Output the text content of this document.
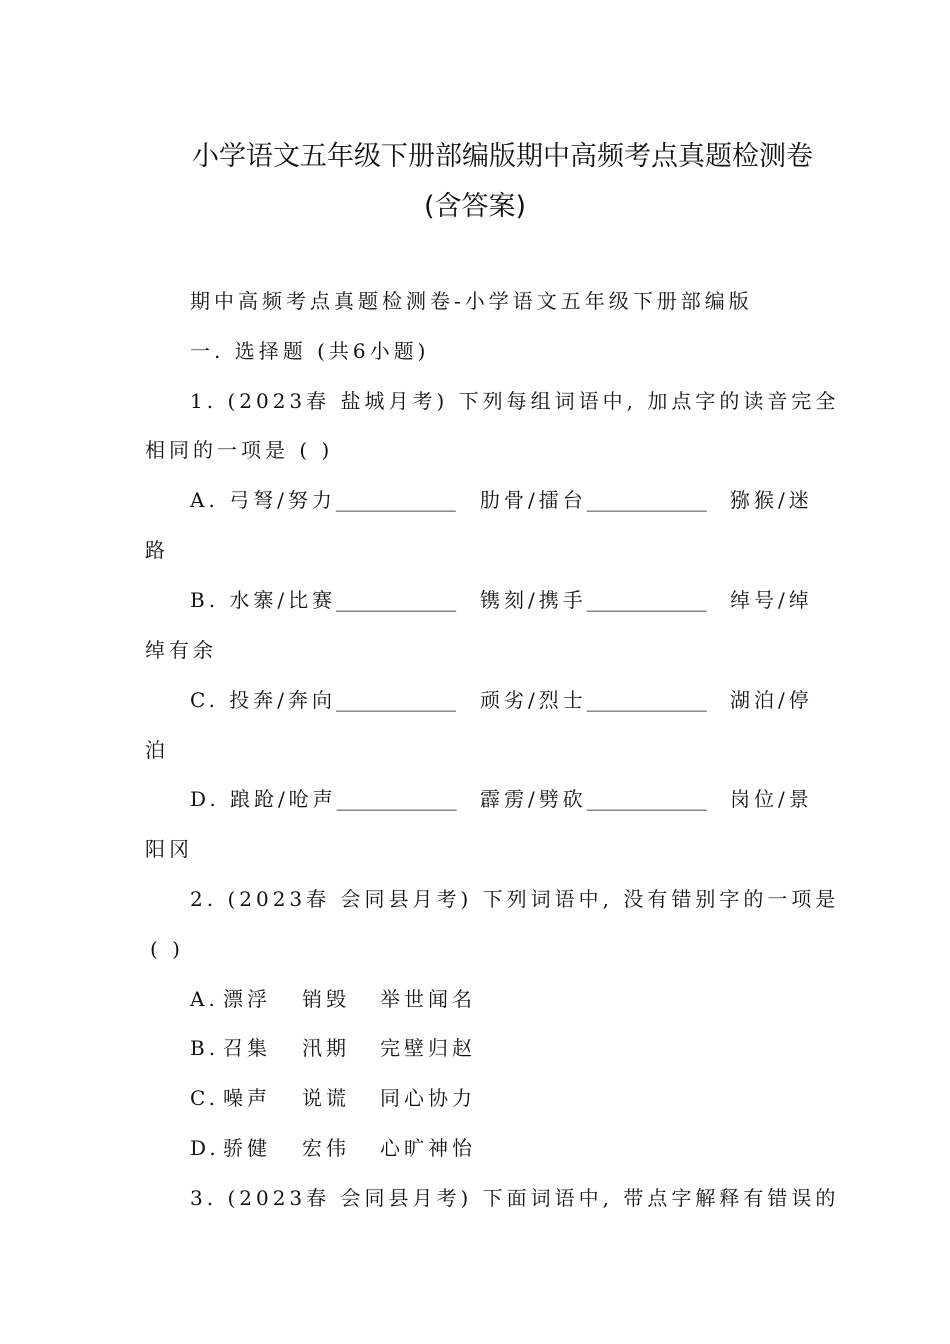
小学语文五年级下册部编版期中高频考点真题检测卷
(含答案)
期中高频考点真题检测卷-小学语文五年级下册部编版
一. 选择题 (共6小题)
1. (2023春 盐城月考) 下列每组词语中, 加点字的读音完全
相同的一项是 ( )
A. 弓弩/努力____________ 肋骨/擂台____________ 猕猴/迷
路
B. 水寨/比赛____________ 镌刻/携手____________ 绰号/绰
绰有余
C. 投奔/奔向____________ 顽劣/烈士____________ 湖泊/停
泊
D. 踉跄/呛声____________ 霹雳/劈砍____________ 岗位/景
阳冈
2. (2023春 会同县月考) 下列词语中, 没有错别字的一项是
( )
A. 漂浮 销毁 举世闻名
B. 召集 汛期 完壁归赵
C. 噪声 说谎 同心协力
D. 骄健 宏伟 心旷神怡
3. (2023春 会同县月考) 下面词语中, 带点字解释有错误的
